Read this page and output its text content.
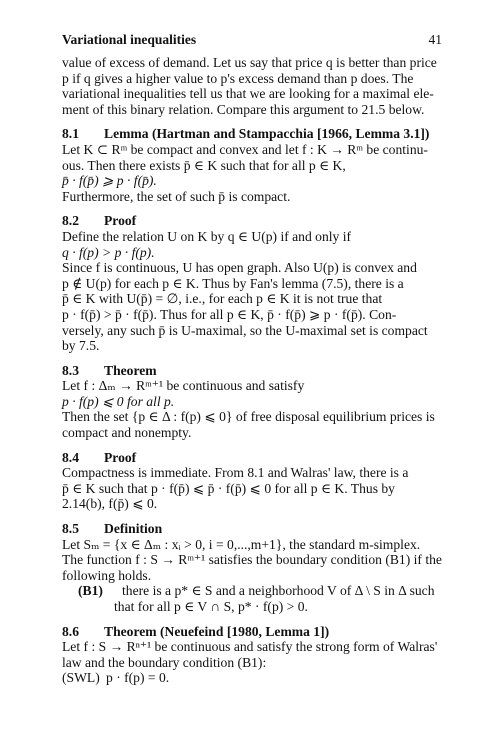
Variational inequalities	41

value of excess of demand. Let us say that price q is better than price

p if q gives a higher value to p's excess demand than p does. The

variational inequalities tell us that we are looking for a maximal ele-

ment of this binary relation. Compare this argument to 21.5 below.

8.1 Lemma (Hartman and Stampacchia [1966, Lemma 3.1])

Let K ⊂ Rᵐ be compact and convex and let f : K → Rᵐ be continu-

ous. Then there exists p̄ ∈ K such that for all p ∈ K,

p̄ · f(p̄) ⩾ p · f(p̄).

Furthermore, the set of such p̄ is compact.

8.2 Proof

Define the relation U on K by q ∈ U(p) if and only if

q · f(p) > p · f(p).

Since f is continuous, U has open graph. Also U(p) is convex and

p ∉ U(p) for each p ∈ K. Thus by Fan's lemma (7.5), there is a

p̄ ∈ K with U(p̄) = ∅, i.e., for each p ∈ K it is not true that

p · f(p̄) > p̄ · f(p̄). Thus for all p ∈ K, p̄ · f(p̄) ⩾ p · f(p̄). Con-

versely, any such p̄ is U-maximal, so the U-maximal set is compact

by 7.5.

8.3 Theorem

Let f : Δₘ → Rᵐ⁺¹ be continuous and satisfy

p · f(p) ⩽ 0 for all p.

Then the set {p ∈ Δ : f(p) ⩽ 0} of free disposal equilibrium prices is

compact and nonempty.

8.4 Proof

Compactness is immediate. From 8.1 and Walras' law, there is a

p̄ ∈ K such that p · f(p̄) ⩽ p̄ · f(p̄) ⩽ 0 for all p ∈ K. Thus by

2.14(b), f(p̄) ⩽ 0.

8.5 Definition

Let Sₘ = {x ∈ Δₘ : xᵢ > 0, i = 0,...,m+1}, the standard m-simplex.

The function f : S → Rᵐ⁺¹ satisfies the boundary condition (B1) if the

following holds.

(B1) there is a p* ∈ S and a neighborhood V of Δ \ S in Δ such

that for all p ∈ V ∩ S, p* · f(p) > 0.

8.6 Theorem (Neuefeind [1980, Lemma 1])

Let f : S → Rⁿ⁺¹ be continuous and satisfy the strong form of Walras'

law and the boundary condition (B1):

(SWL) p · f(p) = 0.
